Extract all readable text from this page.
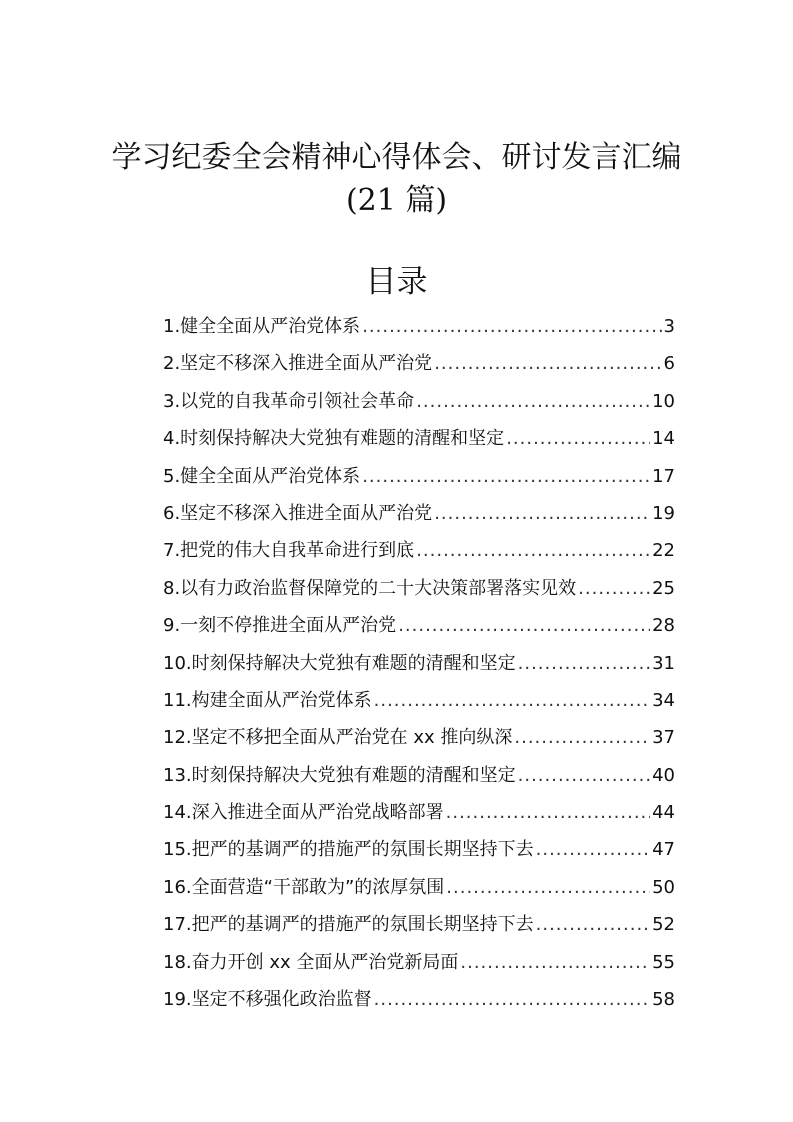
学习纪委全会精神心得体会、研讨发言汇编
(21 篇)
目录
1.健全全面从严治党体系 .....	3
2.坚定不移深入推进全面从严治党 .....	6
3.以党的自我革命引领社会革命 .....	10
4.时刻保持解决大党独有难题的清醒和坚定 .....	14
5.健全全面从严治党体系 .....	17
6.坚定不移深入推进全面从严治党 .....	19
7.把党的伟大自我革命进行到底 .....	22
8.以有力政治监督保障党的二十大决策部署落实见效 .....	25
9.一刻不停推进全面从严治党 .....	28
10.时刻保持解决大党独有难题的清醒和坚定 .....	31
11.构建全面从严治党体系 .....	34
12.坚定不移把全面从严治党在 xx 推向纵深 .....	37
13.时刻保持解决大党独有难题的清醒和坚定 .....	40
14.深入推进全面从严治党战略部署 .....	44
15.把严的基调严的措施严的氛围长期坚持下去 .....	47
16.全面营造“干部敢为”的浓厚氛围 .....	50
17.把严的基调严的措施严的氛围长期坚持下去 .....	52
18.奋力开创 xx 全面从严治党新局面 .....	55
19.坚定不移强化政治监督 .....	58
